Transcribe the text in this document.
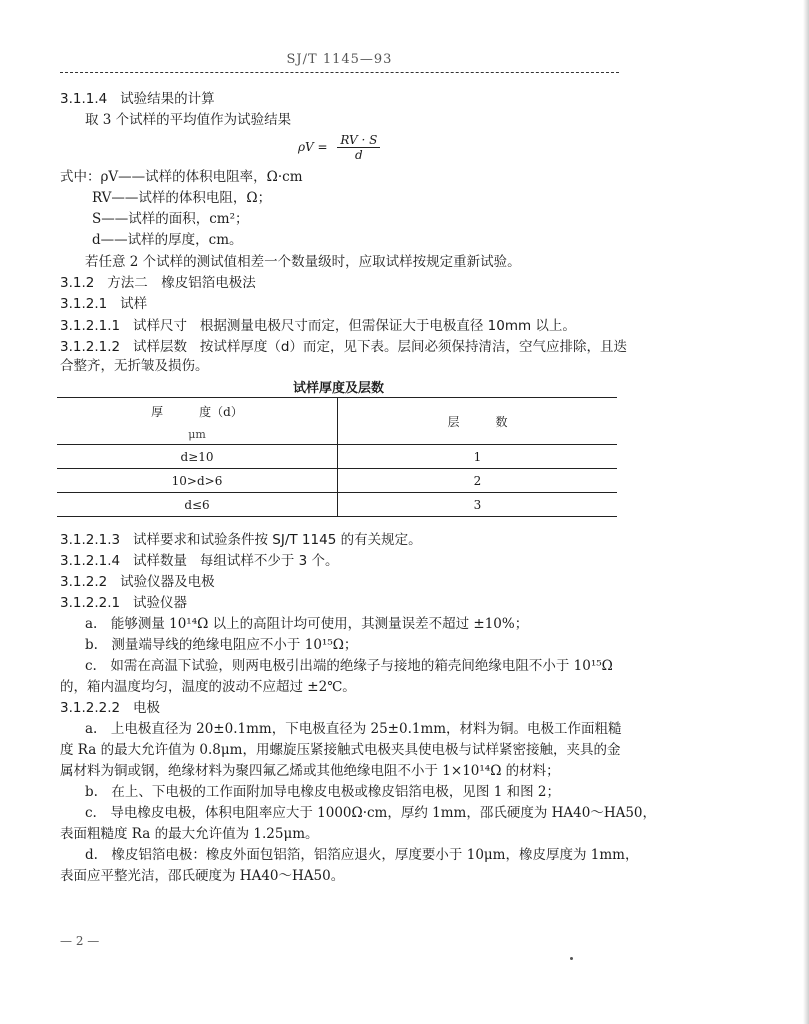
SJ/T 1145—93
3.1.1.4 试验结果的计算
取 3 个试样的平均值作为试验结果
$\rho V = \frac{RV \cdot S}{d}$
式中：ρV——试样的体积电阻率，Ω·cm
RV——试样的体积电阻，Ω；
S——试样的面积，cm²；
d——试样的厚度，cm。
若任意 2 个试样的测试值相差一个数量级时，应取试样按规定重新试验。
3.1.2 方法二　橡皮铝箔电极法
3.1.2.1 试样
3.1.2.1.1 试样尺寸 根据测量电极尺寸而定，但需保证大于电极直径 10mm 以上。
3.1.2.1.2 试样层数 按试样厚度（d）而定，见下表。层间必须保持清洁，空气应排除，且迭
合整齐，无折皱及损伤。
试样厚度及层数
厚　　　度（d）	层　　　数
μm	
d≥10	1
10>d>6	2
d≤6	3
3.1.2.1.3 试样要求和试验条件按 SJ/T 1145 的有关规定。
3.1.2.1.4 试样数量 每组试样不少于 3 个。
3.1.2.2 试验仪器及电极
3.1.2.2.1 试验仪器
a.　能够测量 10¹⁴Ω 以上的高阻计均可使用，其测量误差不超过 ±10%；
b.　测量端导线的绝缘电阻应不小于 10¹⁵Ω；
c.　如需在高温下试验，则两电极引出端的绝缘子与接地的箱壳间绝缘电阻不小于 10¹⁵Ω
的，箱内温度均匀，温度的波动不应超过 ±2℃。
3.1.2.2.2 电极
a.　上电极直径为 20±0.1mm，下电极直径为 25±0.1mm，材料为铜。电极工作面粗糙
度 Ra 的最大允许值为 0.8μm，用螺旋压紧接触式电极夹具使电极与试样紧密接触，夹具的金
属材料为铜或钢，绝缘材料为聚四氟乙烯或其他绝缘电阻不小于 1×10¹⁴Ω 的材料；
b.　在上、下电极的工作面附加导电橡皮电极或橡皮铝箔电极，见图 1 和图 2；
c.　导电橡皮电极，体积电阻率应大于 1000Ω·cm，厚约 1mm，邵氏硬度为 HA40～HA50，
表面粗糙度 Ra 的最大允许值为 1.25μm。
d.　橡皮铝箔电极：橡皮外面包铝箔，铝箔应退火，厚度要小于 10μm，橡皮厚度为 1mm，
表面应平整光洁，邵氏硬度为 HA40～HA50。
— 2 —
